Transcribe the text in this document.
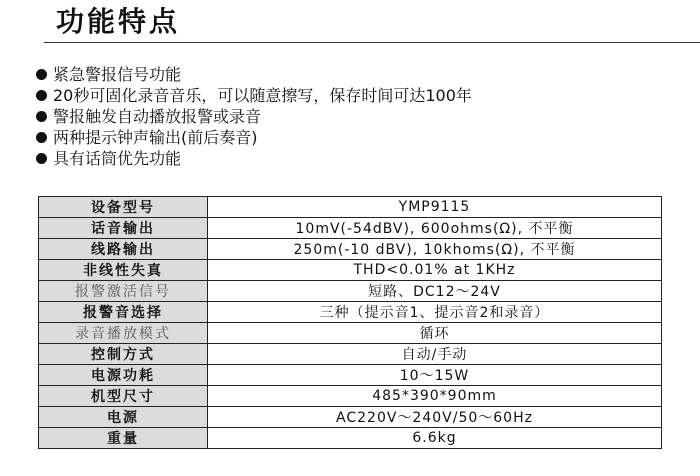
功能特点
紧急警报信号功能
20秒可固化录音音乐，可以随意擦写，保存时间可达100年
警报触发自动播放报警或录音
两种提示钟声输出(前后奏音)
具有话筒优先功能
设备型号	YMP9115
话音输出	10mV(-54dBV), 600ohms(Ω), 不平衡
线路输出	250m(-10 dBV), 10khoms(Ω), 不平衡
非线性失真	THD<0.01% at 1KHz
报警激活信号	短路、DC12～24V
报警音选择	三种（提示音1、提示音2和录音）
录音播放模式	循环
控制方式	自动/手动
电源功耗	10～15W
机型尺寸	485*390*90mm
电源	AC220V～240V/50～60Hz
重量	6.6kg
